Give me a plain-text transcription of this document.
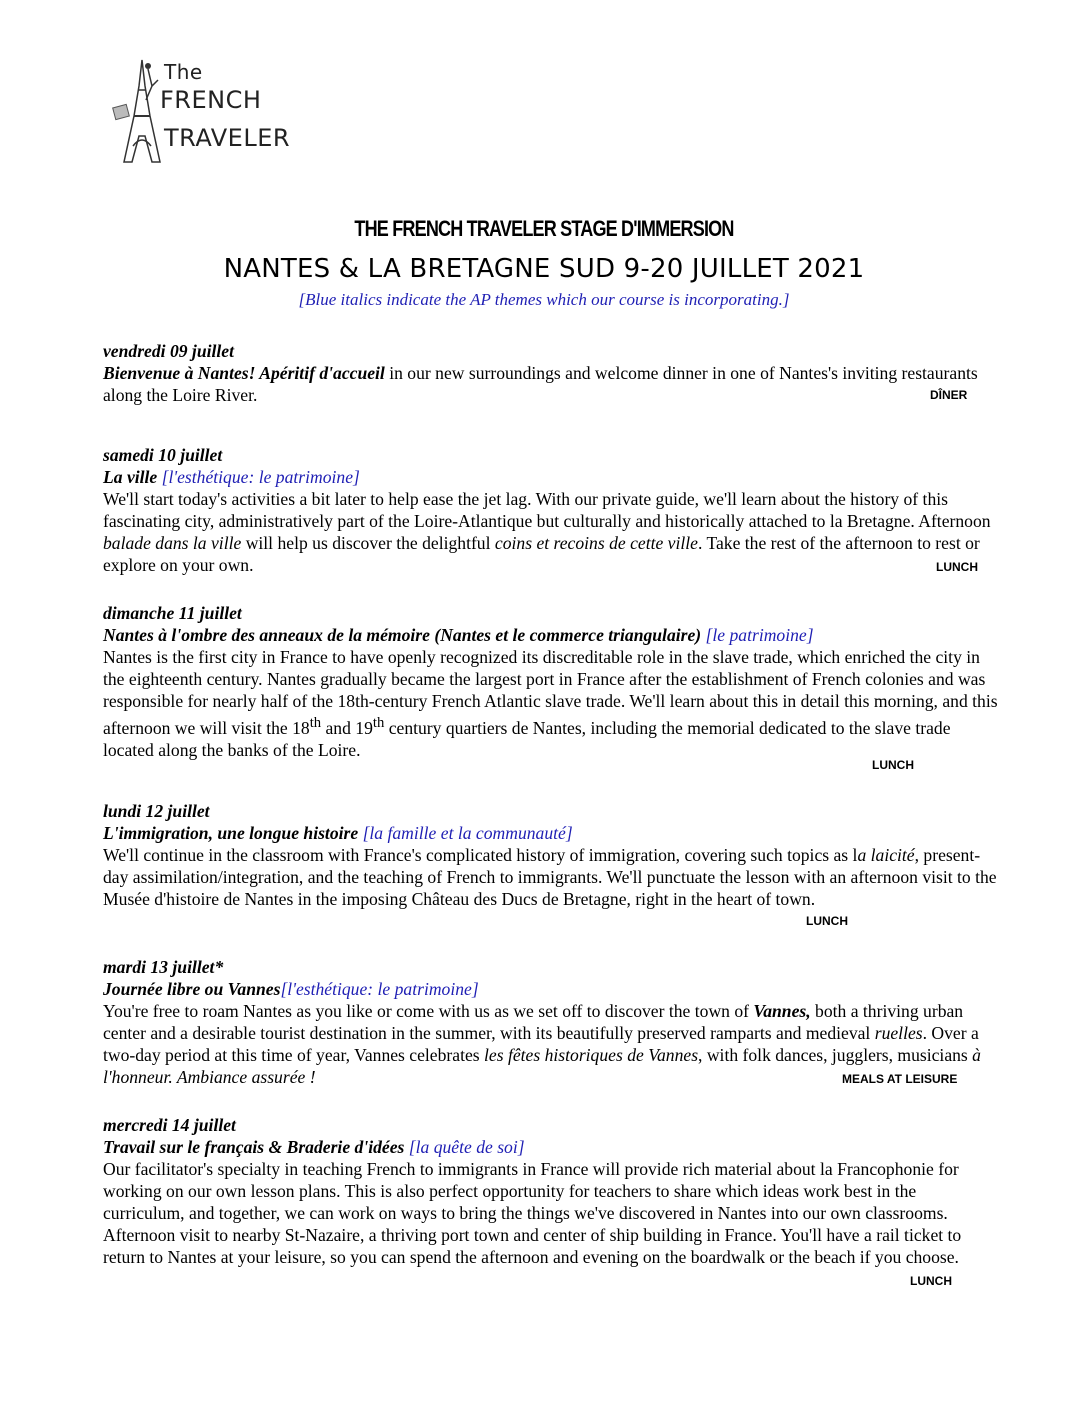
The
FRENCH
TRAVELER
THE FRENCH TRAVELER STAGE D'IMMERSION
NANTES & LA BRETAGNE SUD 9-20 JUILLET 2021
[Blue italics indicate the AP themes which our course is incorporating.]

vendredi 09 juillet

Bienvenue à Nantes! Apéritif d'accueil in our new surroundings and welcome dinner in one of Nantes's inviting restaurants along the Loire River.	DÎNER

samedi 10 juillet

La ville [l'esthétique: le patrimoine]

We'll start today's activities a bit later to help ease the jet lag. With our private guide, we'll learn about the history of this fascinating city, administratively part of the Loire-Atlantique but culturally and historically attached to la Bretagne. Afternoon balade dans la ville will help us discover the delightful coins et recoins de cette ville. Take the rest of the afternoon to rest or explore on your own.	LUNCH

dimanche 11 juillet

Nantes à l'ombre des anneaux de la mémoire (Nantes et le commerce triangulaire) [le patrimoine]

Nantes is the first city in France to have openly recognized its discreditable role in the slave trade, which enriched the city in the eighteenth century. Nantes gradually became the largest port in France after the establishment of French colonies and was responsible for nearly half of the 18th-century French Atlantic slave trade. We'll learn about this in detail this morning, and this afternoon we will visit the 18th and 19th century quartiers de Nantes, including the memorial dedicated to the slave trade located along the banks of the Loire.

LUNCH

lundi 12 juillet

L'immigration, une longue histoire [la famille et la communauté]

We'll continue in the classroom with France's complicated history of immigration, covering such topics as la laicité, present-day assimilation/integration, and the teaching of French to immigrants. We'll punctuate the lesson with an afternoon visit to the Musée d'histoire de Nantes in the imposing Château des Ducs de Bretagne, right in the heart of town.

LUNCH

mardi 13 juillet*

Journée libre ou Vannes[l'esthétique: le patrimoine]

You're free to roam Nantes as you like or come with us as we set off to discover the town of Vannes, both a thriving urban center and a desirable tourist destination in the summer, with its beautifully preserved ramparts and medieval ruelles. Over a two-day period at this time of year, Vannes celebrates les fêtes historiques de Vannes, with folk dances, jugglers, musicians à l'honneur. Ambiance assurée !	MEALS AT LEISURE

mercredi 14 juillet

Travail sur le français & Braderie d'idées [la quête de soi]

Our facilitator's specialty in teaching French to immigrants in France will provide rich material about la Francophonie for working on our own lesson plans. This is also perfect opportunity for teachers to share which ideas work best in the curriculum, and together, we can work on ways to bring the things we've discovered in Nantes into our own classrooms. Afternoon visit to nearby St-Nazaire, a thriving port town and center of ship building in France. You'll have a rail ticket to return to Nantes at your leisure, so you can spend the afternoon and evening on the boardwalk or the beach if you choose.

LUNCH
